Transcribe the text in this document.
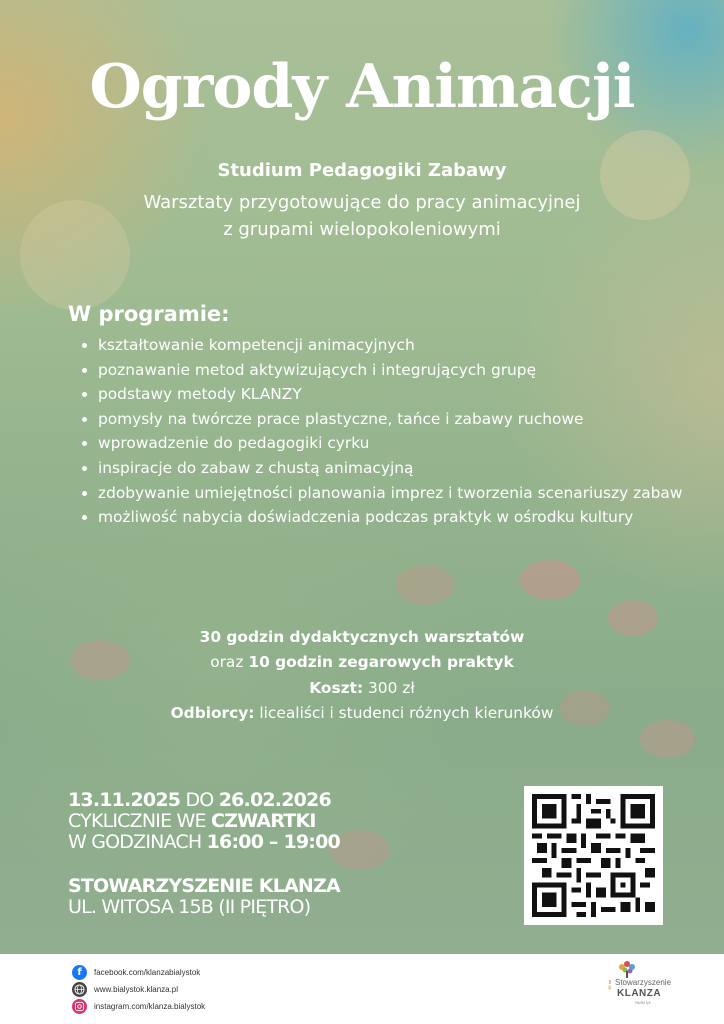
Ogrody Animacji
Studium Pedagogiki Zabawy
Warsztaty przygotowujące do pracy animacyjnej
z grupami wielopokoleniowymi
W programie:
• kształtowanie kompetencji animacyjnych
• poznawanie metod aktywizujących i integrujących grupę
• podstawy metody KLANZY
• pomysły na twórcze prace plastyczne, tańce i zabawy ruchowe
• wprowadzenie do pedagogiki cyrku
• inspiracje do zabaw z chustą animacyjną
• zdobywanie umiejętności planowania imprez i tworzenia scenariuszy zabaw
• możliwość nabycia doświadczenia podczas praktyk w ośrodku kultury
30 godzin dydaktycznych warsztatów
oraz 10 godzin zegarowych praktyk
Koszt: 300 zł
Odbiorcy: licealiści i studenci różnych kierunków
13.11.2025 DO 26.02.2026
CYKLICZNIE WE CZWARTKI
W GODZINACH 16:00 – 19:00
STOWARZYSZENIE KLANZA
UL. WITOSA 15B (II PIĘTRO)
f	facebook.com/klanzabialystok
www.bialystok.klanza.pl
instagram.com/klanza.bialystok
Stowarzyszenie
KLANZA
Wielki lęk
35 lat
